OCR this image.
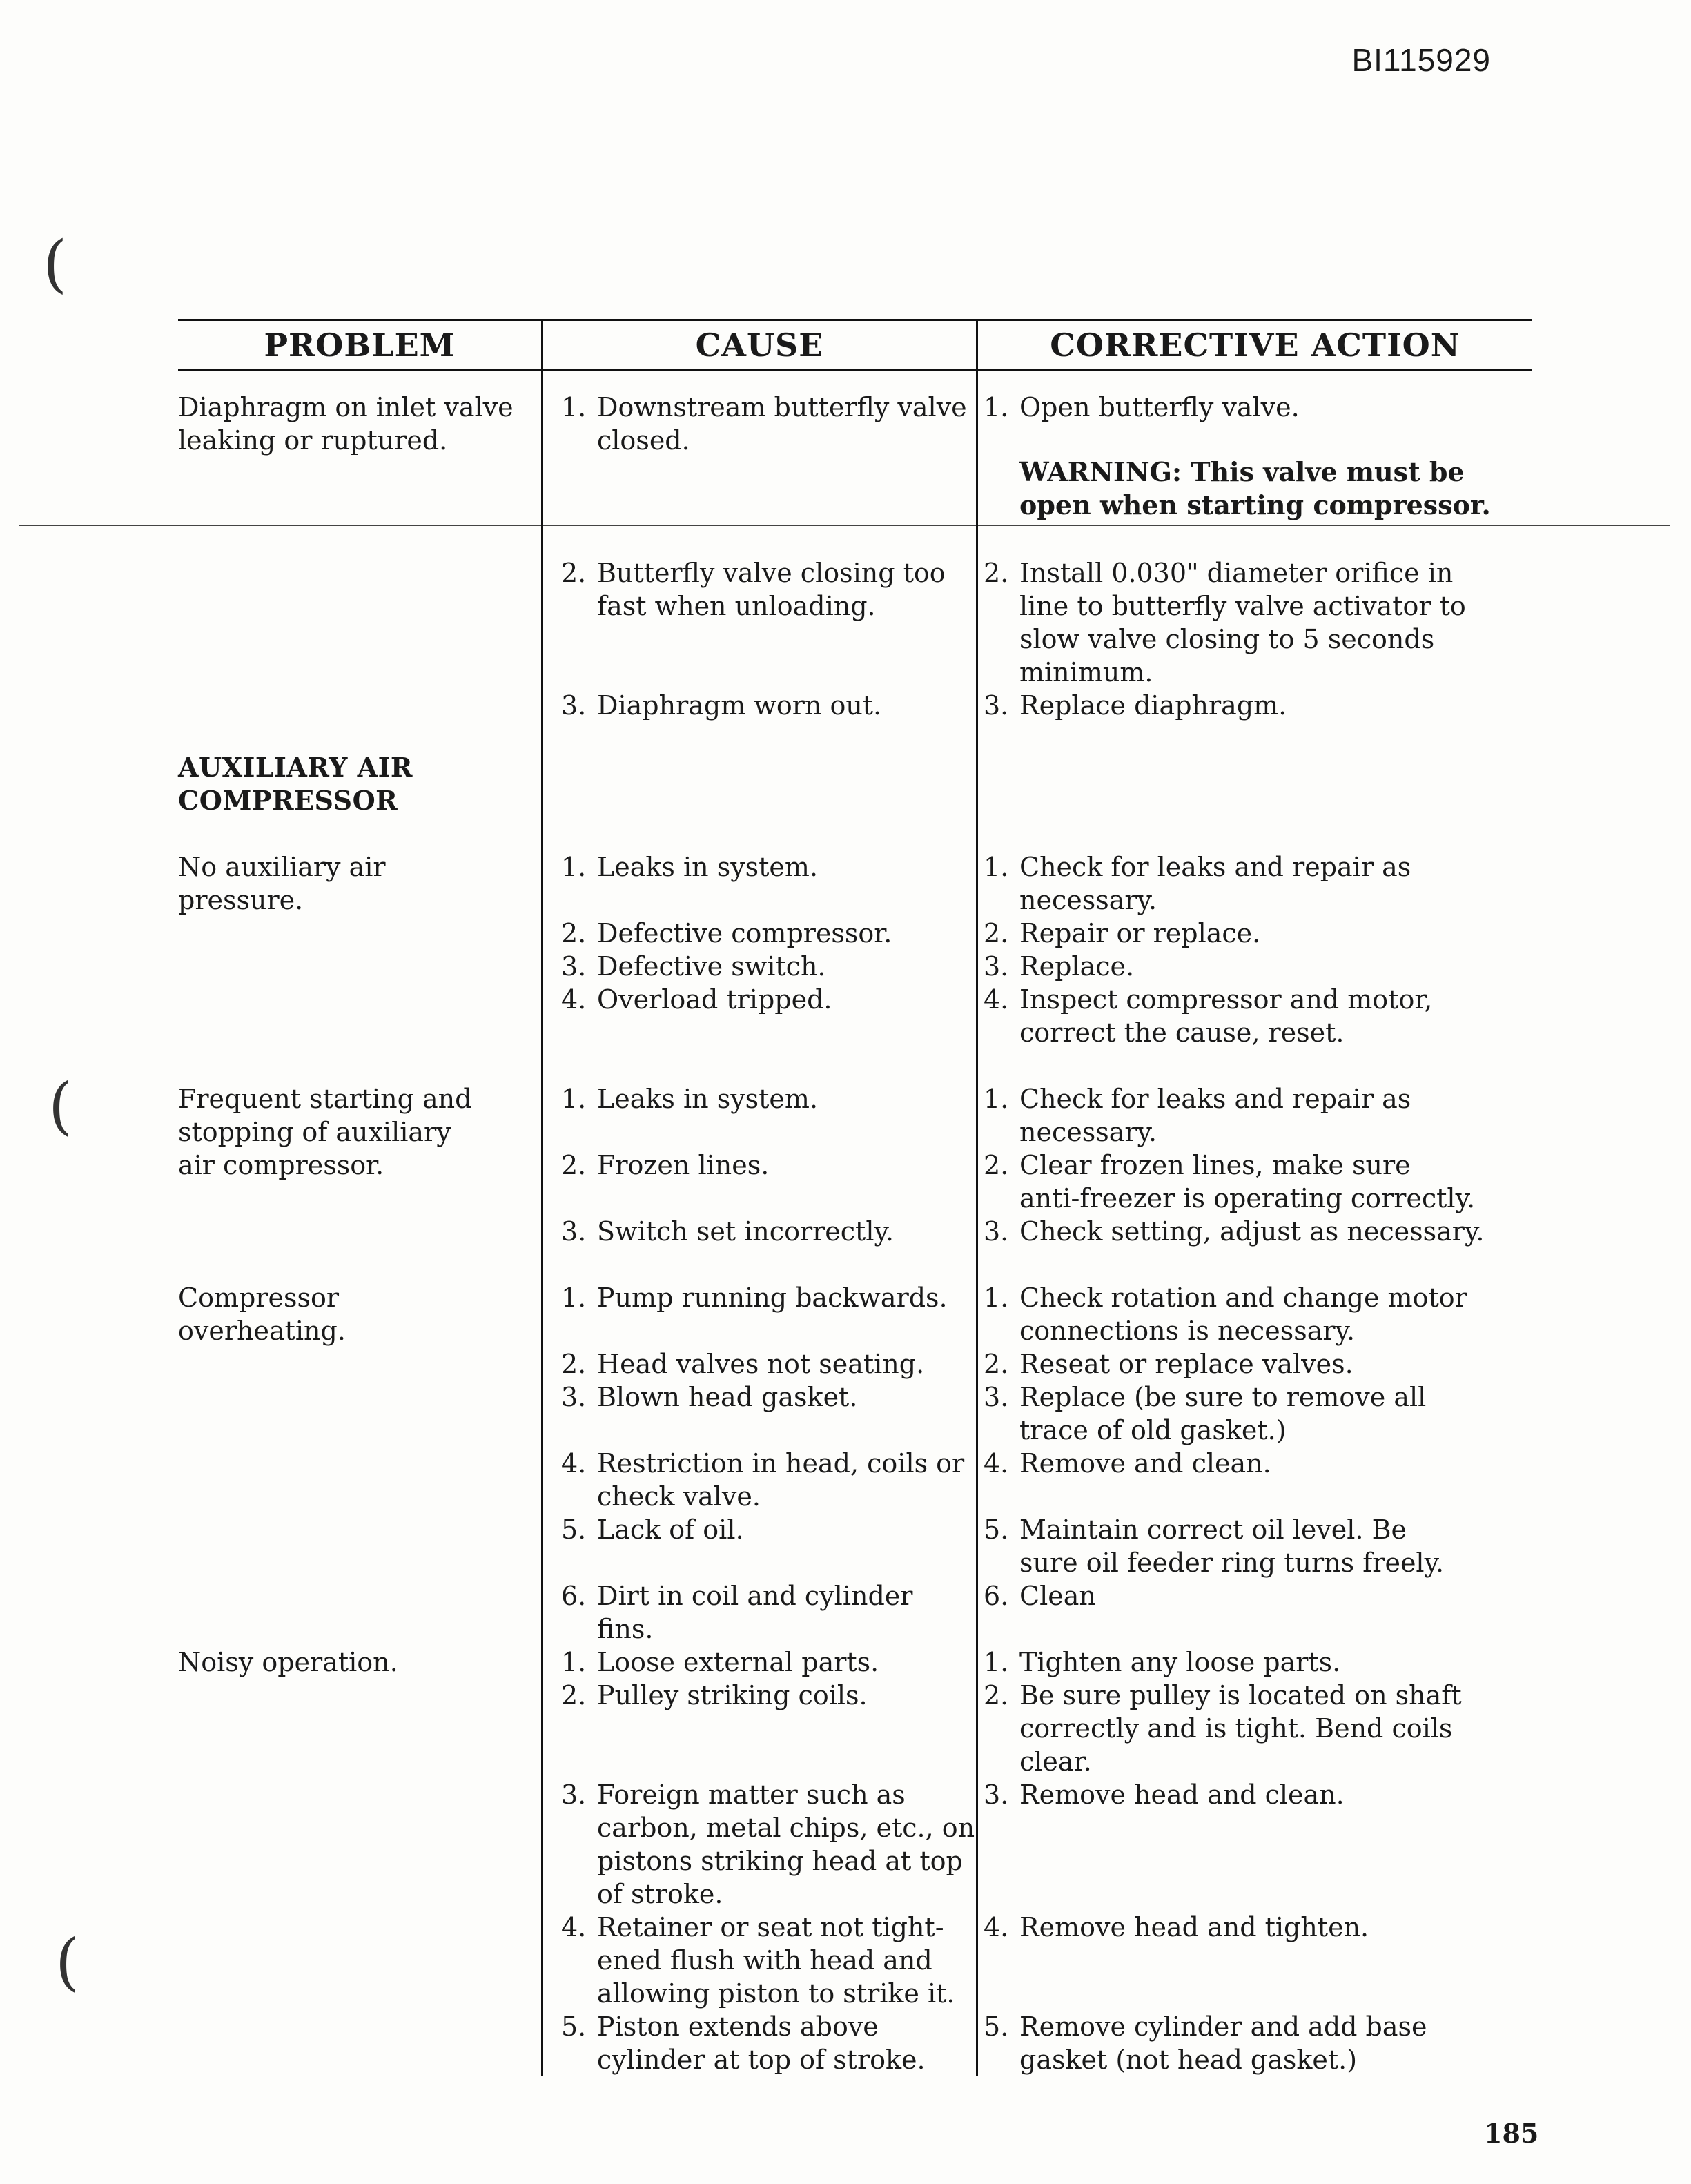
BI115929
(
(
(
PROBLEM	CAUSE	CORRECTIVE ACTION
Diaphragm on inlet valve
leaking or ruptured.
AUXILIARY AIR
COMPRESSOR
No auxiliary air
pressure.
Frequent starting and
stopping of auxiliary
air compressor.
Compressor
overheating.
Noisy operation.
1. Downstream butterfly valve
closed.
2. Butterfly valve closing too
fast when unloading.
3. Diaphragm worn out.
1. Leaks in system.
2. Defective compressor.
3. Defective switch.
4. Overload tripped.
1. Leaks in system.
2. Frozen lines.
3. Switch set incorrectly.
1. Pump running backwards.
2. Head valves not seating.
3. Blown head gasket.
4. Restriction in head, coils or
check valve.
5. Lack of oil.
6. Dirt in coil and cylinder fins.
1. Loose external parts.
2. Pulley striking coils.
3. Foreign matter such as
carbon, metal chips, etc., on
pistons striking head at top
of stroke.
4. Retainer or seat not tight-
ened flush with head and
allowing piston to strike it.
5. Piston extends above
cylinder at top of stroke.
1. Open butterfly valve.
WARNING: This valve must be
open when starting compressor.
2. Install 0.030" diameter orifice in
line to butterfly valve activator to
slow valve closing to 5 seconds
minimum.
3. Replace diaphragm.
1. Check for leaks and repair as
necessary.
2. Repair or replace.
3. Replace.
4. Inspect compressor and motor,
correct the cause, reset.
1. Check for leaks and repair as
necessary.
2. Clear frozen lines, make sure
anti-freezer is operating correctly.
3. Check setting, adjust as necessary.
1. Check rotation and change motor
connections is necessary.
2. Reseat or replace valves.
3. Replace (be sure to remove all
trace of old gasket.)
4. Remove and clean.
5. Maintain correct oil level. Be
sure oil feeder ring turns freely.
6. Clean
1. Tighten any loose parts.
2. Be sure pulley is located on shaft
correctly and is tight. Bend coils
clear.
3. Remove head and clean.
4. Remove head and tighten.
5. Remove cylinder and add base
gasket (not head gasket.)
185
